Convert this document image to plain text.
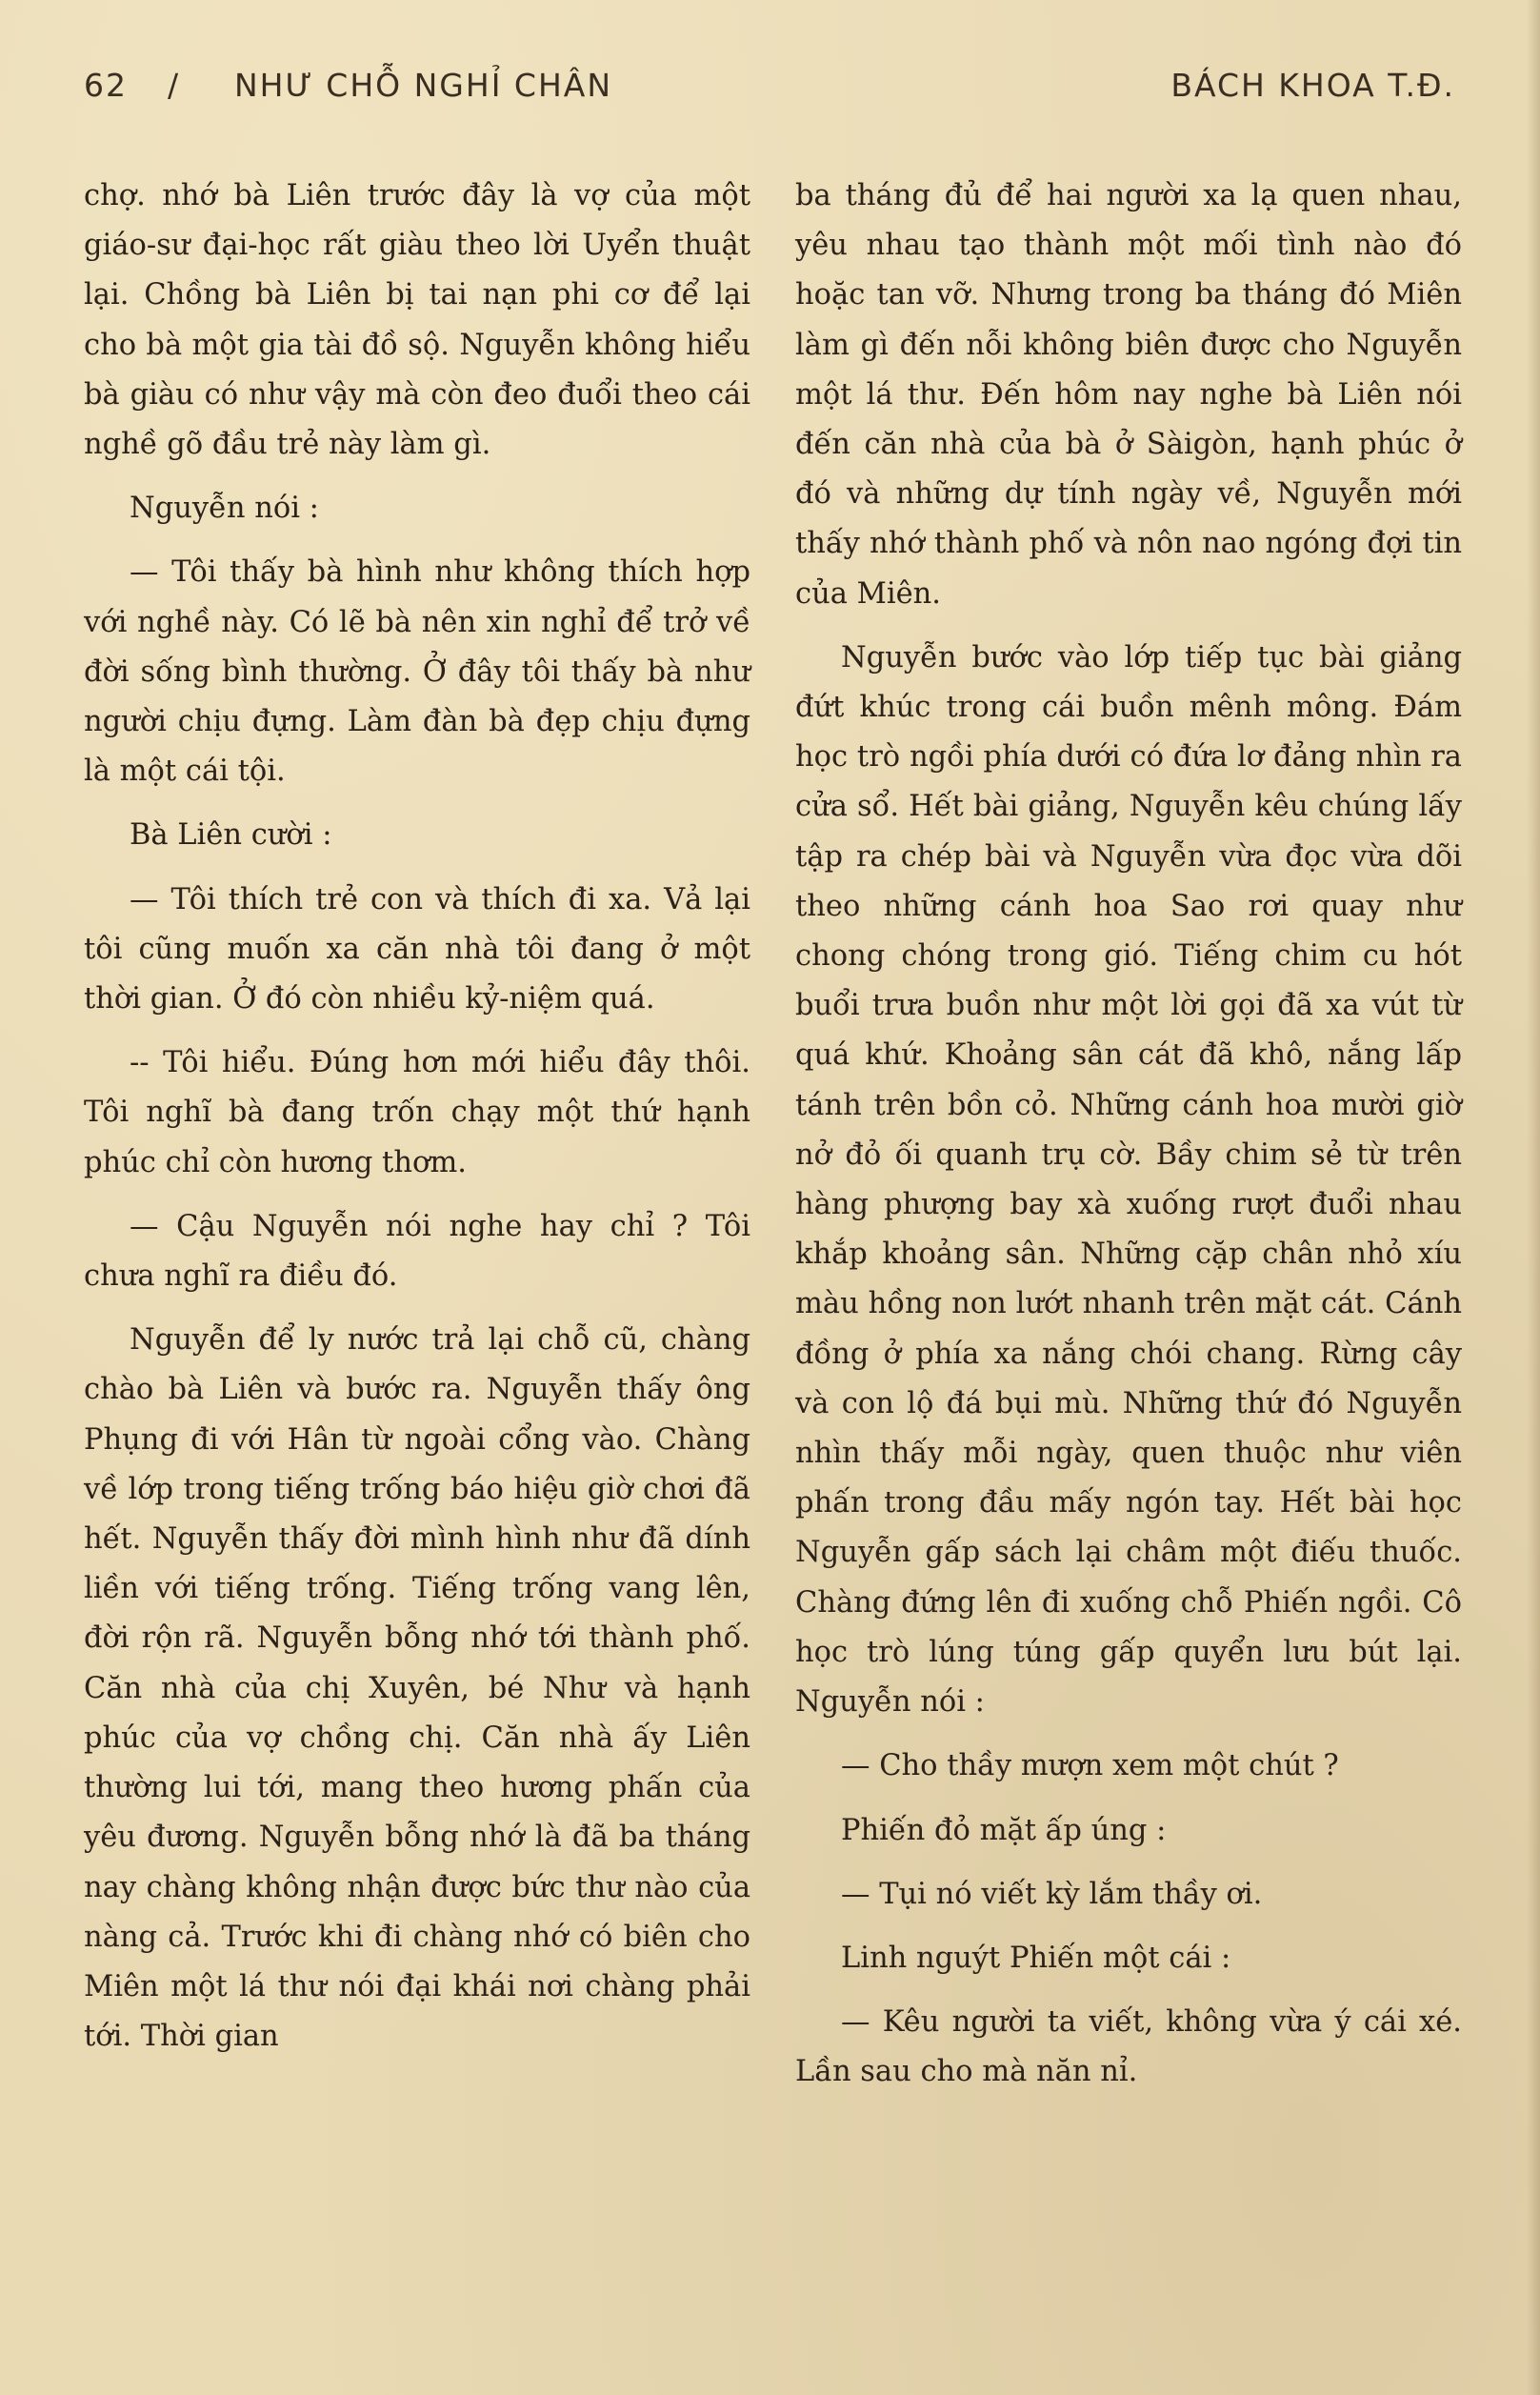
62 / NHƯ CHỖ NGHỈ CHÂN	BÁCH KHOA T.Đ.

chợ. nhớ bà Liên trước đây là vợ của một giáo-sư đại-học rất giàu theo lời Uyển thuật lại. Chồng bà Liên bị tai nạn phi cơ để lại cho bà một gia tài đồ sộ. Nguyễn không hiểu bà giàu có như vậy mà còn đeo đuổi theo cái nghề gõ đầu trẻ này làm gì.

Nguyễn nói :

— Tôi thấy bà hình như không thích hợp với nghề này. Có lẽ bà nên xin nghỉ để trở về đời sống bình thường. Ở đây tôi thấy bà như người chịu đựng. Làm đàn bà đẹp chịu đựng là một cái tội.

Bà Liên cười :

— Tôi thích trẻ con và thích đi xa. Vả lại tôi cũng muốn xa căn nhà tôi đang ở một thời gian. Ở đó còn nhiều kỷ-niệm quá.

-- Tôi hiểu. Đúng hơn mới hiểu đây thôi. Tôi nghĩ bà đang trốn chạy một thứ hạnh phúc chỉ còn hương thơm.

— Cậu Nguyễn nói nghe hay chỉ ? Tôi chưa nghĩ ra điều đó.

Nguyễn để ly nước trả lại chỗ cũ, chàng chào bà Liên và bước ra. Nguyễn thấy ông Phụng đi với Hân từ ngoài cổng vào. Chàng về lớp trong tiếng trống báo hiệu giờ chơi đã hết. Nguyễn thấy đời mình hình như đã dính liền với tiếng trống. Tiếng trống vang lên, đời rộn rã. Nguyễn bỗng nhớ tới thành phố. Căn nhà của chị Xuyên, bé Như và hạnh phúc của vợ chồng chị. Căn nhà ấy Liên thường lui tới, mang theo hương phấn của yêu đương. Nguyễn bỗng nhớ là đã ba tháng nay chàng không nhận được bức thư nào của nàng cả. Trước khi đi chàng nhớ có biên cho Miên một lá thư nói đại khái nơi chàng phải tới. Thời gian

ba tháng đủ để hai người xa lạ quen nhau, yêu nhau tạo thành một mối tình nào đó hoặc tan vỡ. Nhưng trong ba tháng đó Miên làm gì đến nỗi không biên được cho Nguyễn một lá thư. Đến hôm nay nghe bà Liên nói đến căn nhà của bà ở Sàigòn, hạnh phúc ở đó và những dự tính ngày về, Nguyễn mới thấy nhớ thành phố và nôn nao ngóng đợi tin của Miên.

Nguyễn bước vào lớp tiếp tục bài giảng đứt khúc trong cái buồn mênh mông. Đám học trò ngồi phía dưới có đứa lơ đảng nhìn ra cửa sổ. Hết bài giảng, Nguyễn kêu chúng lấy tập ra chép bài và Nguyễn vừa đọc vừa dõi theo những cánh hoa Sao rơi quay như chong chóng trong gió. Tiếng chim cu hót buổi trưa buồn như một lời gọi đã xa vút từ quá khứ. Khoảng sân cát đã khô, nắng lấp tánh trên bồn cỏ. Những cánh hoa mười giờ nở đỏ ối quanh trụ cờ. Bầy chim sẻ từ trên hàng phượng bay xà xuống rượt đuổi nhau khắp khoảng sân. Những cặp chân nhỏ xíu màu hồng non lướt nhanh trên mặt cát. Cánh đồng ở phía xa nắng chói chang. Rừng cây và con lộ đá bụi mù. Những thứ đó Nguyễn nhìn thấy mỗi ngày, quen thuộc như viên phấn trong đầu mấy ngón tay. Hết bài học Nguyễn gấp sách lại châm một điếu thuốc. Chàng đứng lên đi xuống chỗ Phiến ngồi. Cô học trò lúng túng gấp quyển lưu bút lại. Nguyễn nói :

— Cho thầy mượn xem một chút ?

Phiến đỏ mặt ấp úng :

— Tụi nó viết kỳ lắm thầy ơi.

Linh nguýt Phiến một cái :

— Kêu người ta viết, không vừa ý cái xé. Lần sau cho mà năn nỉ.
